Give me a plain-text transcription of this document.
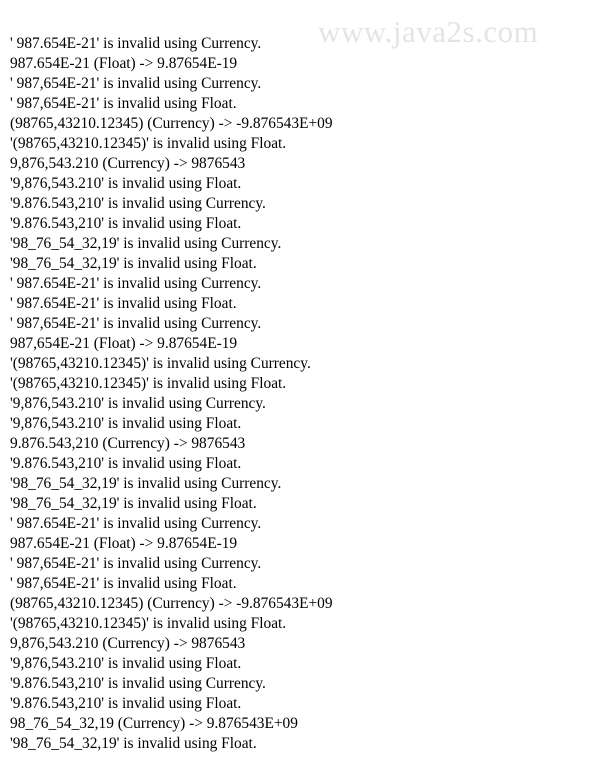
www.java2s.com
' 987.654E-21' is invalid using Currency.
987.654E-21 (Float) -> 9.87654E-19
' 987,654E-21' is invalid using Currency.
' 987,654E-21' is invalid using Float.
(98765,43210.12345) (Currency) -> -9.876543E+09
'(98765,43210.12345)' is invalid using Float.
9,876,543.210 (Currency) -> 9876543
'9,876,543.210' is invalid using Float.
'9.876.543,210' is invalid using Currency.
'9.876.543,210' is invalid using Float.
'98_76_54_32,19' is invalid using Currency.
'98_76_54_32,19' is invalid using Float.
' 987.654E-21' is invalid using Currency.
' 987.654E-21' is invalid using Float.
' 987,654E-21' is invalid using Currency.
987,654E-21 (Float) -> 9.87654E-19
'(98765,43210.12345)' is invalid using Currency.
'(98765,43210.12345)' is invalid using Float.
'9,876,543.210' is invalid using Currency.
'9,876,543.210' is invalid using Float.
9.876.543,210 (Currency) -> 9876543
'9.876.543,210' is invalid using Float.
'98_76_54_32,19' is invalid using Currency.
'98_76_54_32,19' is invalid using Float.
' 987.654E-21' is invalid using Currency.
987.654E-21 (Float) -> 9.87654E-19
' 987,654E-21' is invalid using Currency.
' 987,654E-21' is invalid using Float.
(98765,43210.12345) (Currency) -> -9.876543E+09
'(98765,43210.12345)' is invalid using Float.
9,876,543.210 (Currency) -> 9876543
'9,876,543.210' is invalid using Float.
'9.876.543,210' is invalid using Currency.
'9.876.543,210' is invalid using Float.
98_76_54_32,19 (Currency) -> 9.876543E+09
'98_76_54_32,19' is invalid using Float.
